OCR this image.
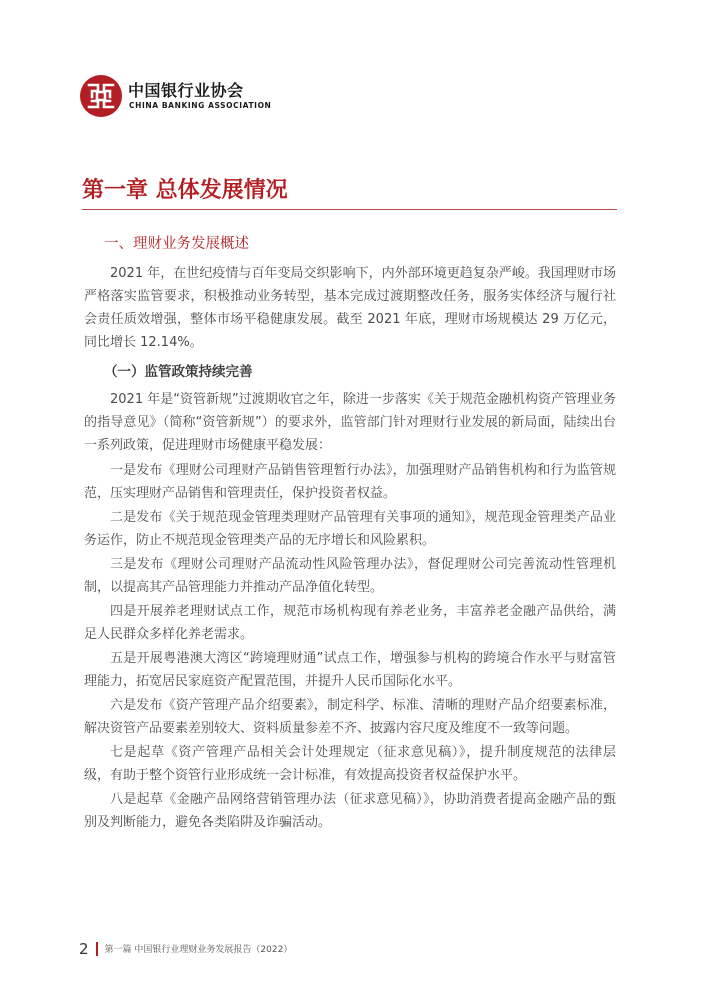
中国银行业协会
CHINA BANKING ASSOCIATION
第一章 总体发展情况
一、理财业务发展概述

2021 年，在世纪疫情与百年变局交织影响下，内外部环境更趋复杂严峻。我国理财市场严格落实监管要求，积极推动业务转型，基本完成过渡期整改任务，服务实体经济与履行社会责任质效增强，整体市场平稳健康发展。截至 2021 年底，理财市场规模达 29 万亿元，同比增长 12.14%。

（一）监管政策持续完善

2021 年是“资管新规”过渡期收官之年，除进一步落实《关于规范金融机构资产管理业务的指导意见》（简称“资管新规”）的要求外，监管部门针对理财行业发展的新局面，陆续出台一系列政策，促进理财市场健康平稳发展：

一是发布《理财公司理财产品销售管理暂行办法》，加强理财产品销售机构和行为监管规范，压实理财产品销售和管理责任，保护投资者权益。

二是发布《关于规范现金管理类理财产品管理有关事项的通知》，规范现金管理类产品业务运作，防止不规范现金管理类产品的无序增长和风险累积。

三是发布《理财公司理财产品流动性风险管理办法》，督促理财公司完善流动性管理机制，以提高其产品管理能力并推动产品净值化转型。

四是开展养老理财试点工作，规范市场机构现有养老业务，丰富养老金融产品供给，满足人民群众多样化养老需求。

五是开展粤港澳大湾区“跨境理财通”试点工作，增强参与机构的跨境合作水平与财富管理能力，拓宽居民家庭资产配置范围，并提升人民币国际化水平。

六是发布《资产管理产品介绍要素》，制定科学、标准、清晰的理财产品介绍要素标准，解决资管产品要素差别较大、资料质量参差不齐、披露内容尺度及维度不一致等问题。

七是起草《资产管理产品相关会计处理规定（征求意见稿）》，提升制度规范的法律层级，有助于整个资管行业形成统一会计标准，有效提高投资者权益保护水平。

八是起草《金融产品网络营销管理办法（征求意见稿）》，协助消费者提高金融产品的甄别及判断能力，避免各类陷阱及诈骗活动。

2 第一篇 中国银行业理财业务发展报告（2022）
